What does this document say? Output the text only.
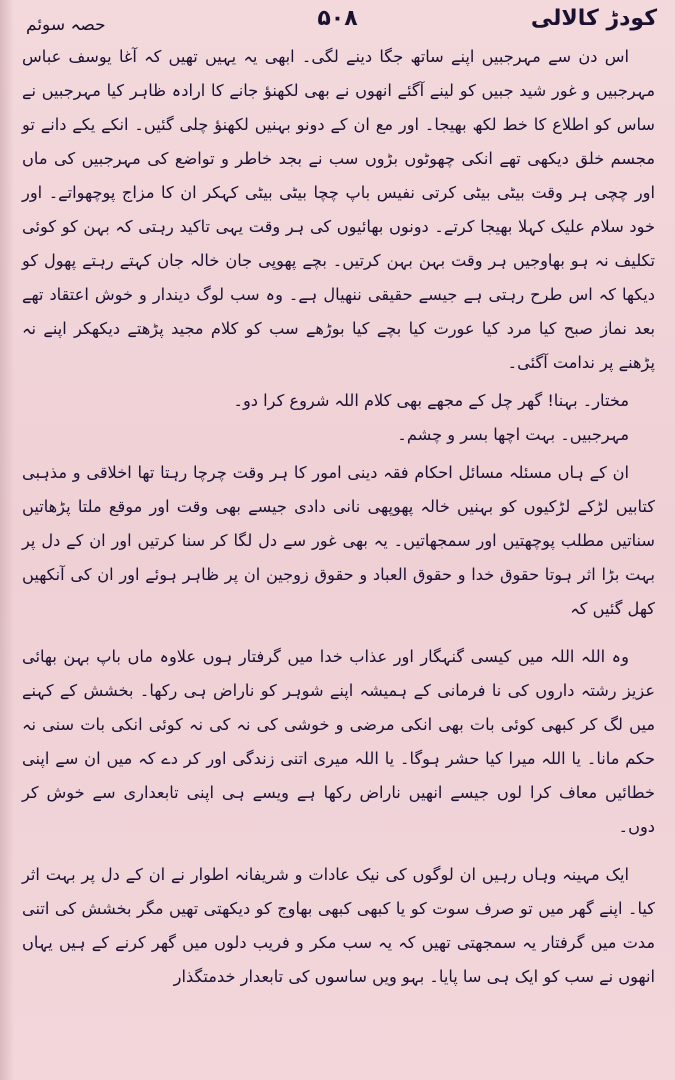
کودڑ کالالی
۵۰۸
حصہ سوئم

اس دن سے مہرجبیں اپنے ساتھ جگا دینے لگی۔ ابھی یہ یہیں تھیں کہ آغا یوسف عباس مہرجبیں و غور شید جبیں کو لینے آگئے انھوں نے بھی لکھنؤ جانے کا ارادہ ظاہر کیا مہرجبیں نے ساس کو اطلاع کا خط لکھ بھیجا۔ اور مع ان کے دونو بہنیں لکھنؤ چلی گئیں۔ انکے یکے دانے تو مجسم خلق دیکھی تھے انکی چھوٹوں بڑوں سب نے بجد خاطر و تواضع کی مہرجبیں کی ماں اور چچی ہر وقت بیٹی بیٹی کرتی نفیس باپ چچا بیٹی بیٹی کہکر ان کا مزاج پوچھواتے۔ اور خود سلام علیک کہلا بھیجا کرتے۔ دونوں بھائیوں کی ہر وقت یہی تاکید رہتی کہ بہن کو کوئی تکلیف نہ ہو بھاوجیں ہر وقت بہن بہن کرتیں۔ بچے پھوپی جان خالہ جان کہتے رہتے پھول کو دیکھا کہ اس طرح رہتی ہے جیسے حقیقی ننھیال ہے۔ وہ سب لوگ دیندار و خوش اعتقاد تھے بعد نماز صبح کیا مرد کیا عورت کیا بچے کیا بوڑھے سب کو کلام مجید پڑھتے دیکھکر اپنے نہ پڑھنے پر ندامت آگئی۔

مختار۔ بہنا! گھر چل کے مجھے بھی کلام اللہ شروع کرا دو۔

مہرجبیں۔ بہت اچھا بسر و چشم۔

ان کے ہاں مسئلہ مسائل احکام فقہ دینی امور کا ہر وقت چرچا رہتا تھا اخلاقی و مذہبی کتابیں لڑکے لڑکیوں کو بہنیں خالہ پھوپھی نانی دادی جیسے بھی وقت اور موقع ملتا پڑھاتیں سناتیں مطلب پوچھتیں اور سمجھاتیں۔ یہ بھی غور سے دل لگا کر سنا کرتیں اور ان کے دل پر بہت بڑا اثر ہوتا حقوق خدا و حقوق العباد و حقوق زوجین ان پر ظاہر ہوئے اور ان کی آنکھیں کھل گئیں کہ

وہ اللہ اللہ میں کیسی گنہگار اور عذاب خدا میں گرفتار ہوں علاوہ ماں باپ بہن بھائی عزیز رشتہ داروں کی نا فرمانی کے ہمیشہ اپنے شوہر کو ناراض ہی رکھا۔ بخشش کے کہنے میں لگ کر کبھی کوئی بات بھی انکی مرضی و خوشی کی نہ کی نہ کوئی انکی بات سنی نہ حکم مانا۔ یا اللہ میرا کیا حشر ہوگا۔ یا اللہ میری اتنی زندگی اور کر دے کہ میں ان سے اپنی خطائیں معاف کرا لوں جیسے انھیں ناراض رکھا ہے ویسے ہی اپنی تابعداری سے خوش کر دوں۔

ایک مہینہ وہاں رہیں ان لوگوں کی نیک عادات و شریفانہ اطوار نے ان کے دل پر بہت اثر کیا۔ اپنے گھر میں تو صرف سوت کو یا کبھی کبھی بھاوج کو دیکھتی تھیں مگر بخشش کی اتنی مدت میں گرفتار یہ سمجھتی تھیں کہ یہ سب مکر و فریب دلوں میں گھر کرنے کے ہیں یہاں انھوں نے سب کو ایک ہی سا پایا۔ بہو ویں ساسوں کی تابعدار خدمتگذار
